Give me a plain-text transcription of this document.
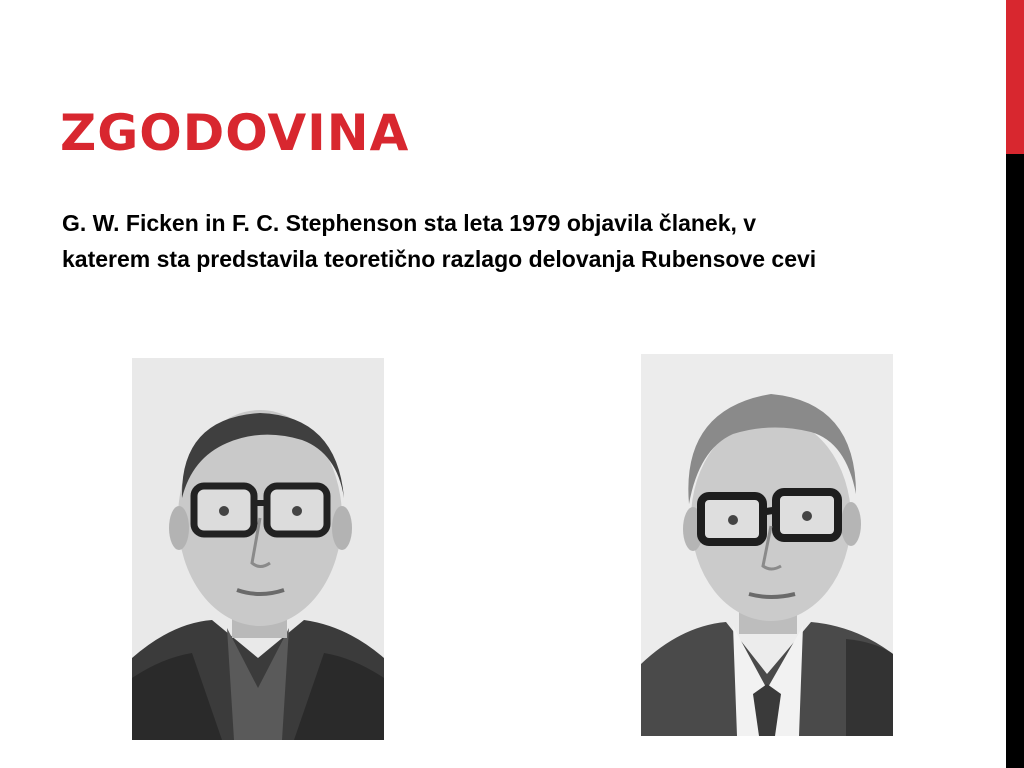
ZGODOVINA

G. W. Ficken in F. C. Stephenson sta leta 1979 objavila članek, v katerem sta predstavila teoretično razlago delovanja Rubensove cevi
